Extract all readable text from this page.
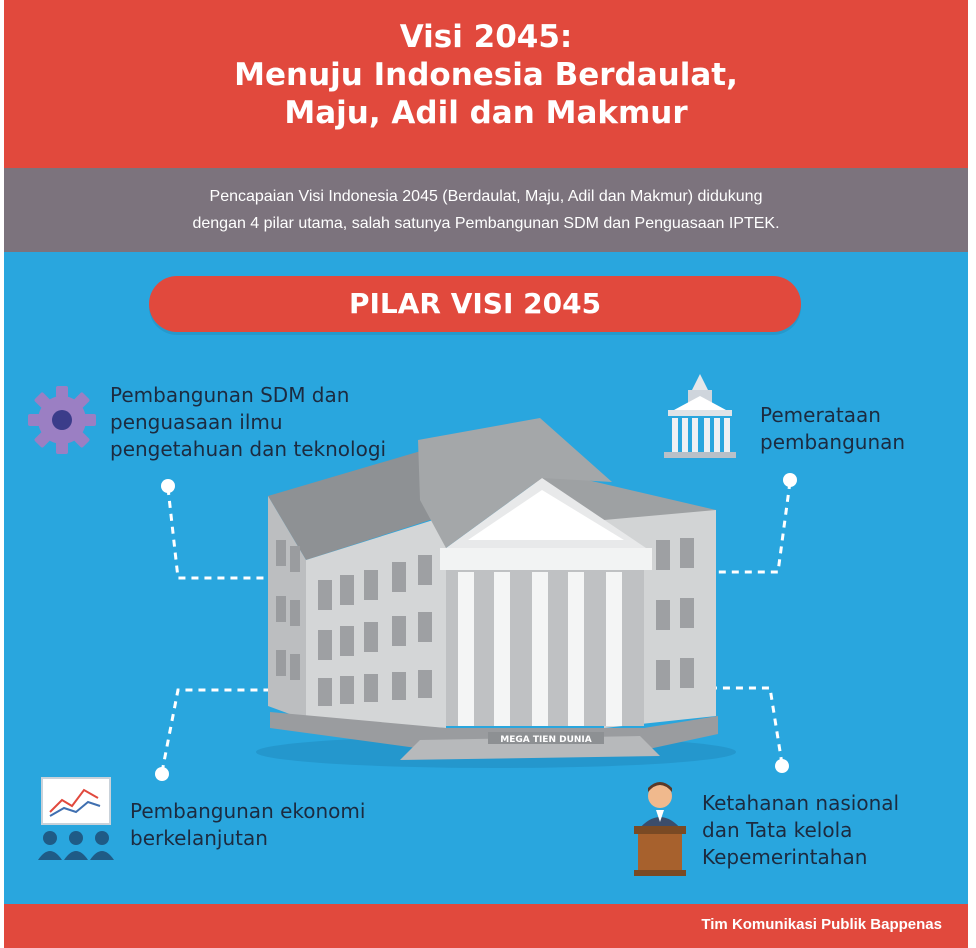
Visi 2045:
Menuju Indonesia Berdaulat,
Maju, Adil dan Makmur

Pencapaian Visi Indonesia 2045 (Berdaulat, Maju, Adil dan Makmur) didukung
dengan 4 pilar utama, salah satunya Pembangunan SDM dan Penguasaan IPTEK.

PILAR VISI 2045
MEGA TIEN DUNIA
Pembangunan SDM dan
penguasaan ilmu
pengetahuan dan teknologi
Pemerataan
pembangunan
Pembangunan ekonomi
berkelanjutan
Ketahanan nasional
dan Tata kelola
Kepemerintahan
Tim Komunikasi Publik Bappenas
